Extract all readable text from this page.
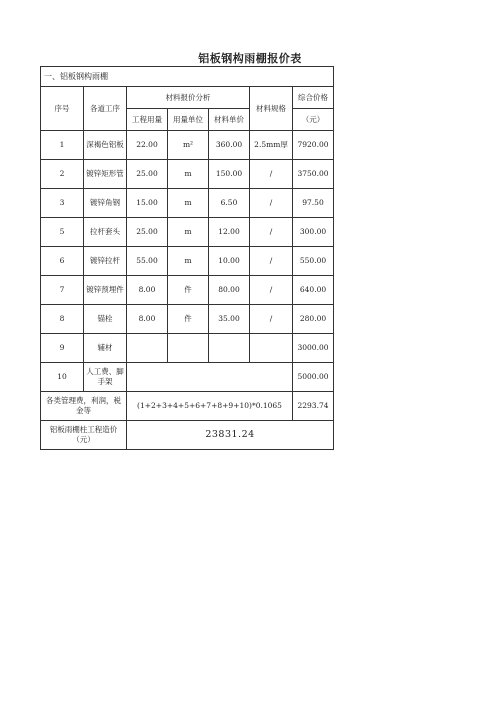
铝板钢构雨棚报价表
一、铝板钢构雨棚						
序号	各道工序	材料报价分析			材料规格	综合价格
		工程用量	用量单位	材料单价		（元）
1	深褐色铝板	22.00	m²	360.00	2.5mm厚	7920.00
2	镀锌矩形管	25.00	m	150.00	/	3750.00
3	镀锌角钢	15.00	m	6.50	/	97.50
5	拉杆套头	25.00	m	12.00	/	300.00
6	镀锌拉杆	55.00	m	10.00	/	550.00
7	镀锌预埋件	8.00	件	80.00	/	640.00
8	锚栓	8.00	件	35.00	/	280.00
9	辅材					3000.00
10	人工费、脚手架					5000.00
各类管理费，利润，税金等		(1+2+3+4+5+6+7+8+9+10)*0.1065				2293.74
铝板雨棚柱工程造价（元）		23831.24				
